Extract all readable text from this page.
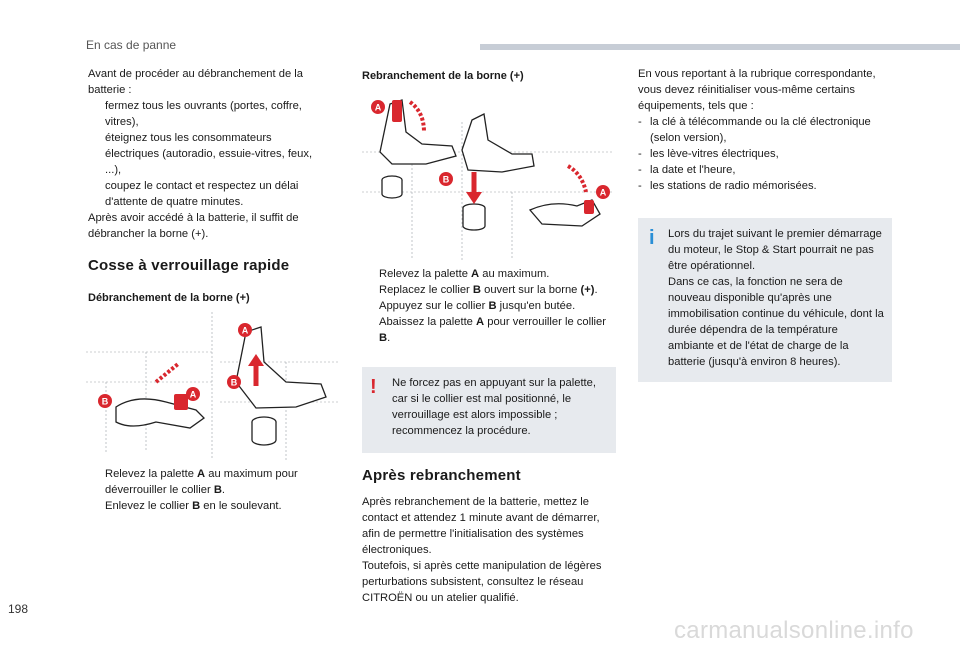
En cas de panne

Avant de procéder au débranchement de la batterie :

fermez tous les ouvrants (portes, coffre, vitres),

éteignez tous les consommateurs électriques (autoradio, essuie-vitres, feux, ...),

coupez le contact et respectez un délai d'attente de quatre minutes.

Après avoir accédé à la batterie, il suffit de débrancher la borne (+).

Cosse à verrouillage rapide
Débranchement de la borne (+)
A
A
B
B

Relevez la palette A au maximum pour déverrouiller le collier B.

Enlevez le collier B en le soulevant.

Rebranchement de la borne (+)
A
B
A

Relevez la palette A au maximum.

Replacez le collier B ouvert sur la borne (+).

Appuyez sur le collier B jusqu'en butée.

Abaissez la palette A pour verrouiller le collier B.

! Ne forcez pas en appuyant sur la palette, car si le collier est mal positionné, le verrouillage est alors impossible ; recommencez la procédure.
Après rebranchement

Après rebranchement de la batterie, mettez le contact et attendez 1 minute avant de démarrer, afin de permettre l'initialisation des systèmes électroniques.

Toutefois, si après cette manipulation de légères perturbations subsistent, consultez le réseau CITROËN ou un atelier qualifié.

En vous reportant à la rubrique correspondante, vous devez réinitialiser vous-même certains équipements, tels que :

- la clé à télécommande ou la clé électronique (selon version),

- les lève-vitres électriques,

- la date et l'heure,

- les stations de radio mémorisées.

i Lors du trajet suivant le premier démarrage du moteur, le Stop & Start pourrait ne pas être opérationnel.
Dans ce cas, la fonction ne sera de nouveau disponible qu'après une immobilisation continue du véhicule, dont la durée dépendra de la température ambiante et de l'état de charge de la batterie (jusqu'à environ 8 heures).
198
carmanualsonline.info
